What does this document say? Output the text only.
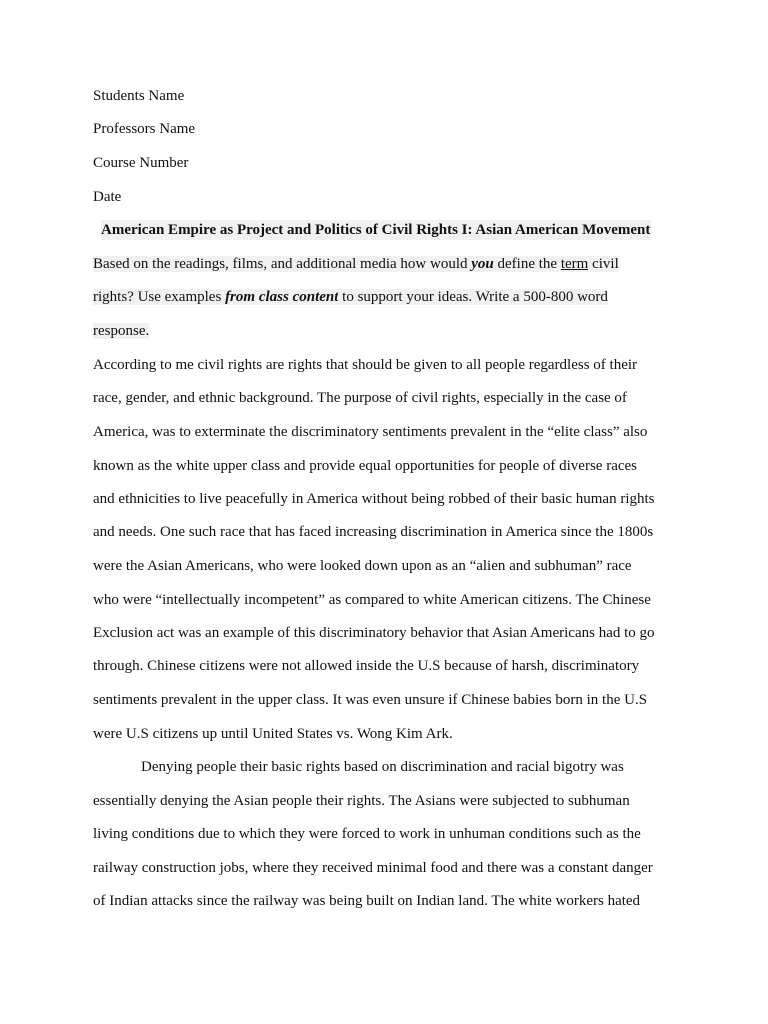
Students Name
Professors Name
Course Number
Date
American Empire as Project and Politics of Civil Rights I: Asian American Movement
Based on the readings, films, and additional media how would you define the term civil
rights? Use examples from class content to support your ideas. Write a 500-800 word
response.
According to me civil rights are rights that should be given to all people regardless of their
race, gender, and ethnic background. The purpose of civil rights, especially in the case of
America, was to exterminate the discriminatory sentiments prevalent in the “elite class” also
known as the white upper class and provide equal opportunities for people of diverse races
and ethnicities to live peacefully in America without being robbed of their basic human rights
and needs. One such race that has faced increasing discrimination in America since the 1800s
were the Asian Americans, who were looked down upon as an “alien and subhuman” race
who were “intellectually incompetent” as compared to white American citizens. The Chinese
Exclusion act was an example of this discriminatory behavior that Asian Americans had to go
through. Chinese citizens were not allowed inside the U.S because of harsh, discriminatory
sentiments prevalent in the upper class. It was even unsure if Chinese babies born in the U.S
were U.S citizens up until United States vs. Wong Kim Ark.
Denying people their basic rights based on discrimination and racial bigotry was
essentially denying the Asian people their rights. The Asians were subjected to subhuman
living conditions due to which they were forced to work in unhuman conditions such as the
railway construction jobs, where they received minimal food and there was a constant danger
of Indian attacks since the railway was being built on Indian land. The white workers hated
